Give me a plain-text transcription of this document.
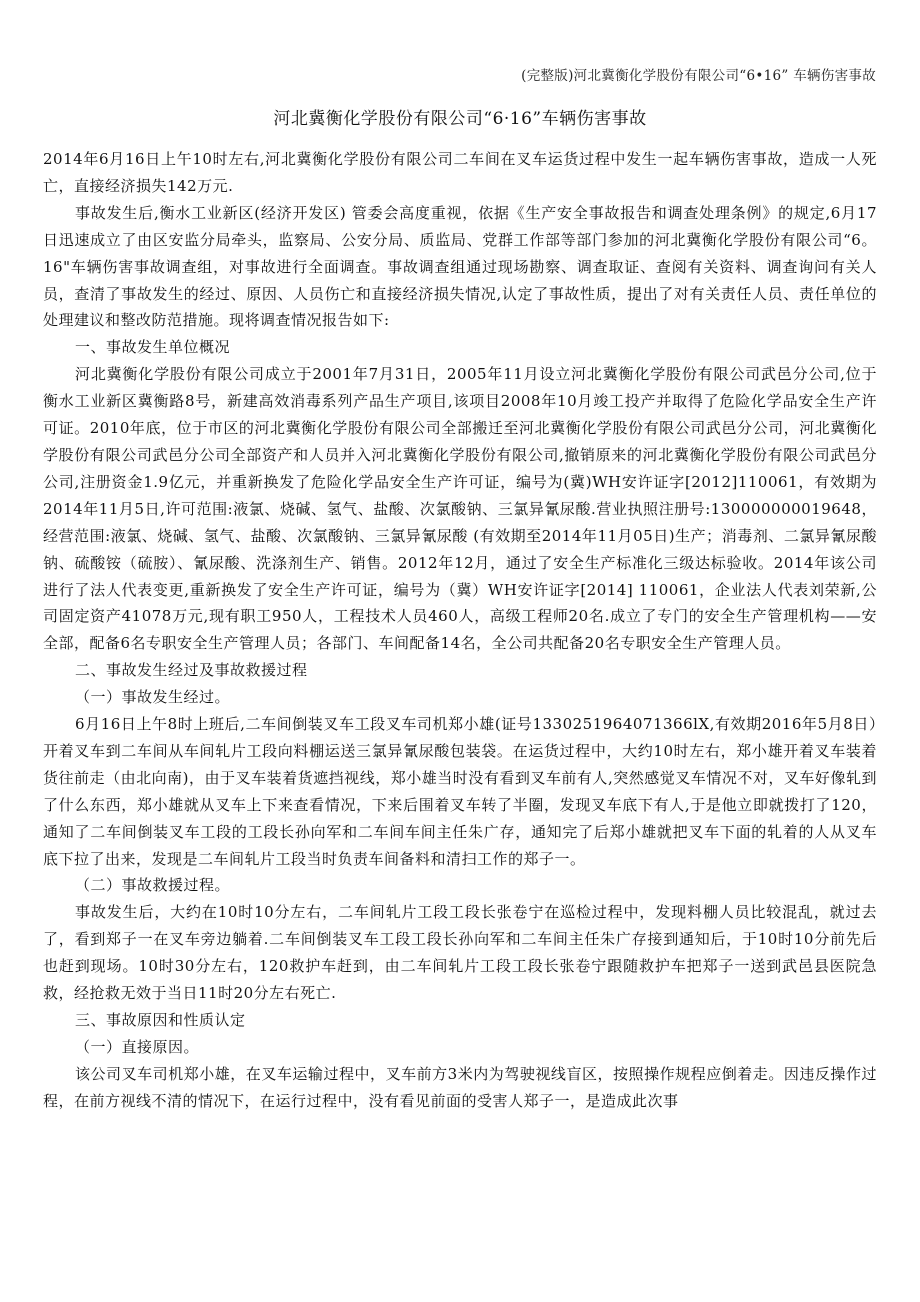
(完整版)河北冀衡化学股份有限公司“6•16” 车辆伤害事故
河北冀衡化学股份有限公司“6·16”车辆伤害事故

2014年6月16日上午10时左右,河北冀衡化学股份有限公司二车间在叉车运货过程中发生一起车辆伤害事故，造成一人死亡，直接经济损失142万元.

事故发生后,衡水工业新区(经济开发区) 管委会高度重视，依据《生产安全事故报告和调查处理条例》的规定,6月17日迅速成立了由区安监分局牵头，监察局、公安分局、质监局、党群工作部等部门参加的河北冀衡化学股份有限公司“6。16"车辆伤害事故调查组，对事故进行全面调查。事故调查组通过现场勘察、调查取证、查阅有关资料、调查询问有关人员，查清了事故发生的经过、原因、人员伤亡和直接经济损失情况,认定了事故性质，提出了对有关责任人员、责任单位的处理建议和整改防范措施。现将调查情况报告如下:

一、事故发生单位概况

河北冀衡化学股份有限公司成立于2001年7月31日，2005年11月设立河北冀衡化学股份有限公司武邑分公司,位于衡水工业新区冀衡路8号，新建高效消毒系列产品生产项目,该项目2008年10月竣工投产并取得了危险化学品安全生产许可证。2010年底，位于市区的河北冀衡化学股份有限公司全部搬迁至河北冀衡化学股份有限公司武邑分公司，河北冀衡化学股份有限公司武邑分公司全部资产和人员并入河北冀衡化学股份有限公司,撤销原来的河北冀衡化学股份有限公司武邑分公司,注册资金1.9亿元，并重新换发了危险化学品安全生产许可证，编号为(冀)WH安许证字[2012]110061，有效期为2014年11月5日,许可范围:液氯、烧碱、氢气、盐酸、次氯酸钠、三氯异氰尿酸.营业执照注册号:130000000019648，经营范围:液氯、烧碱、氢气、盐酸、次氯酸钠、三氯异氰尿酸 (有效期至2014年11月05日)生产；消毒剂、二氯异氰尿酸钠、硫酸铵（硫胺）、氰尿酸、洗涤剂生产、销售。2012年12月，通过了安全生产标准化三级达标验收。2014年该公司进行了法人代表变更,重新换发了安全生产许可证，编号为（冀）WH安许证字[2014] 110061，企业法人代表刘荣新,公司固定资产41078万元,现有职工950人，工程技术人员460人，高级工程师20名.成立了专门的安全生产管理机构——安全部，配备6名专职安全生产管理人员；各部门、车间配备14名，全公司共配备20名专职安全生产管理人员。

二、事故发生经过及事故救援过程

（一）事故发生经过。

6月16日上午8时上班后,二车间倒装叉车工段叉车司机郑小雄(证号1330251964071366lX,有效期2016年5月8日）开着叉车到二车间从车间轧片工段向料棚运送三氯异氰尿酸包装袋。在运货过程中，大约10时左右，郑小雄开着叉车装着货往前走（由北向南)，由于叉车装着货遮挡视线，郑小雄当时没有看到叉车前有人,突然感觉叉车情况不对，叉车好像轧到了什么东西，郑小雄就从叉车上下来查看情况，下来后围着叉车转了半圈，发现叉车底下有人,于是他立即就拨打了120，通知了二车间倒装叉车工段的工段长孙向军和二车间车间主任朱广存，通知完了后郑小雄就把叉车下面的轧着的人从叉车底下拉了出来，发现是二车间轧片工段当时负责车间备料和清扫工作的郑子一。

（二）事故救援过程。

事故发生后，大约在10时10分左右，二车间轧片工段工段长张卷宁在巡检过程中，发现料棚人员比较混乱，就过去了，看到郑子一在叉车旁边躺着.二车间倒装叉车工段工段长孙向军和二车间主任朱广存接到通知后，于10时10分前先后也赶到现场。10时30分左右，120救护车赶到，由二车间轧片工段工段长张卷宁跟随救护车把郑子一送到武邑县医院急救，经抢救无效于当日11时20分左右死亡.

三、事故原因和性质认定

（一）直接原因。

该公司叉车司机郑小雄，在叉车运输过程中，叉车前方3米内为驾驶视线盲区，按照操作规程应倒着走。因违反操作过程，在前方视线不清的情况下，在运行过程中，没有看见前面的受害人郑子一，是造成此次事
